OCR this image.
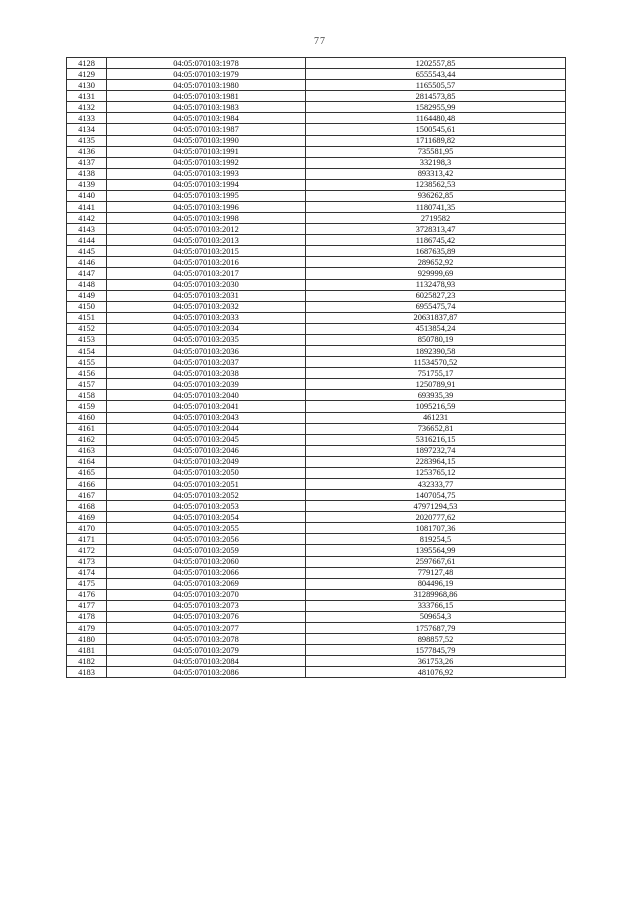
77
4128	04:05:070103:1978	1202557,85
4129	04:05:070103:1979	6555543,44
4130	04:05:070103:1980	1165505,57
4131	04:05:070103:1981	2814573,85
4132	04:05:070103:1983	1582955,99
4133	04:05:070103:1984	1164480,48
4134	04:05:070103:1987	1500545,61
4135	04:05:070103:1990	1711689,82
4136	04:05:070103:1991	735581,95
4137	04:05:070103:1992	332198,3
4138	04:05:070103:1993	893313,42
4139	04:05:070103:1994	1238562,53
4140	04:05:070103:1995	936262,85
4141	04:05:070103:1996	1180741,35
4142	04:05:070103:1998	2719582
4143	04:05:070103:2012	3728313,47
4144	04:05:070103:2013	1186745,42
4145	04:05:070103:2015	1687635,89
4146	04:05:070103:2016	289652,92
4147	04:05:070103:2017	929999,69
4148	04:05:070103:2030	1132478,93
4149	04:05:070103:2031	6025827,23
4150	04:05:070103:2032	6955475,74
4151	04:05:070103:2033	20631837,87
4152	04:05:070103:2034	4513854,24
4153	04:05:070103:2035	850780,19
4154	04:05:070103:2036	1892390,58
4155	04:05:070103:2037	11534570,52
4156	04:05:070103:2038	751755,17
4157	04:05:070103:2039	1250789,91
4158	04:05:070103:2040	693935,39
4159	04:05:070103:2041	1095216,59
4160	04:05:070103:2043	461231
4161	04:05:070103:2044	736652,81
4162	04:05:070103:2045	5316216,15
4163	04:05:070103:2046	1897232,74
4164	04:05:070103:2049	2283964,15
4165	04:05:070103:2050	1253765,12
4166	04:05:070103:2051	432333,77
4167	04:05:070103:2052	1407054,75
4168	04:05:070103:2053	47971294,53
4169	04:05:070103:2054	2020777,62
4170	04:05:070103:2055	1081707,36
4171	04:05:070103:2056	819254,5
4172	04:05:070103:2059	1395564,99
4173	04:05:070103:2060	2597667,61
4174	04:05:070103:2066	779127,48
4175	04:05:070103:2069	804496,19
4176	04:05:070103:2070	31289968,86
4177	04:05:070103:2073	333766,15
4178	04:05:070103:2076	509654,3
4179	04:05:070103:2077	1757687,79
4180	04:05:070103:2078	898857,52
4181	04:05:070103:2079	1577845,79
4182	04:05:070103:2084	361753,26
4183	04:05:070103:2086	481076,92
